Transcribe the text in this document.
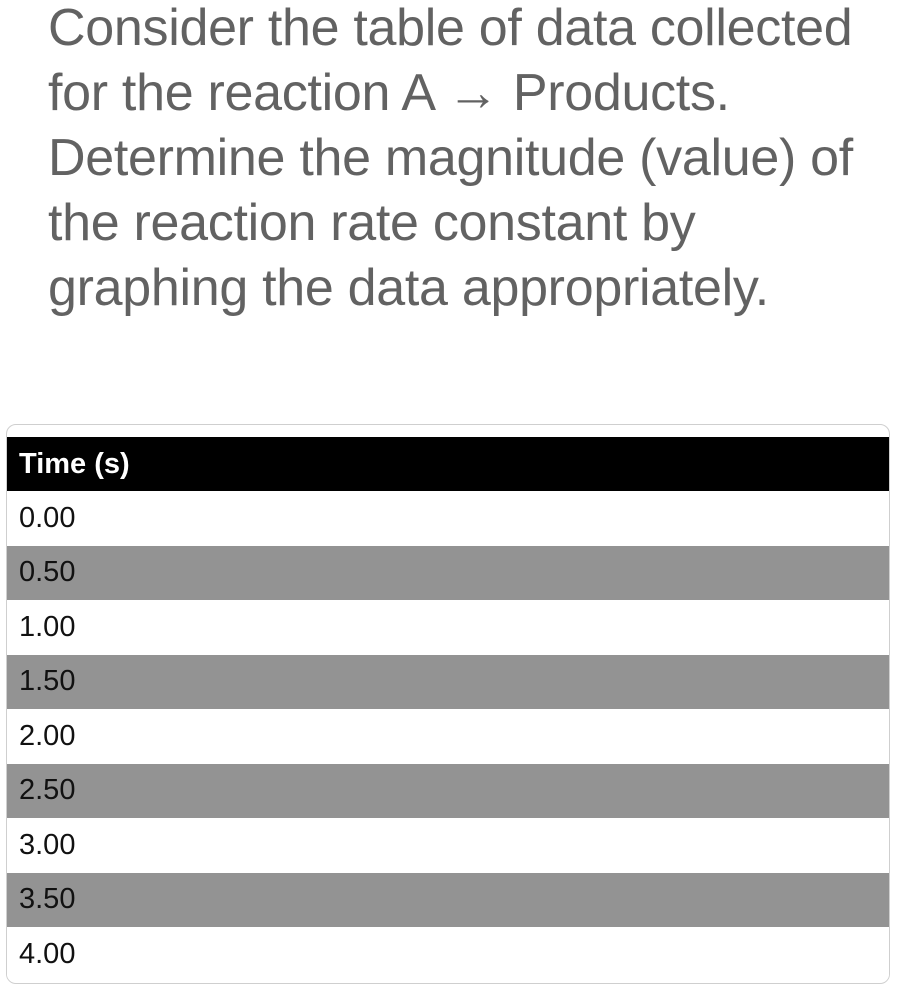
Consider the table of data collected for the reaction A → Products. Determine the magnitude (value) of the reaction rate constant by graphing the data appropriately.

Time (s)
0.00
0.50
1.00
1.50
2.00
2.50
3.00
3.50
4.00
